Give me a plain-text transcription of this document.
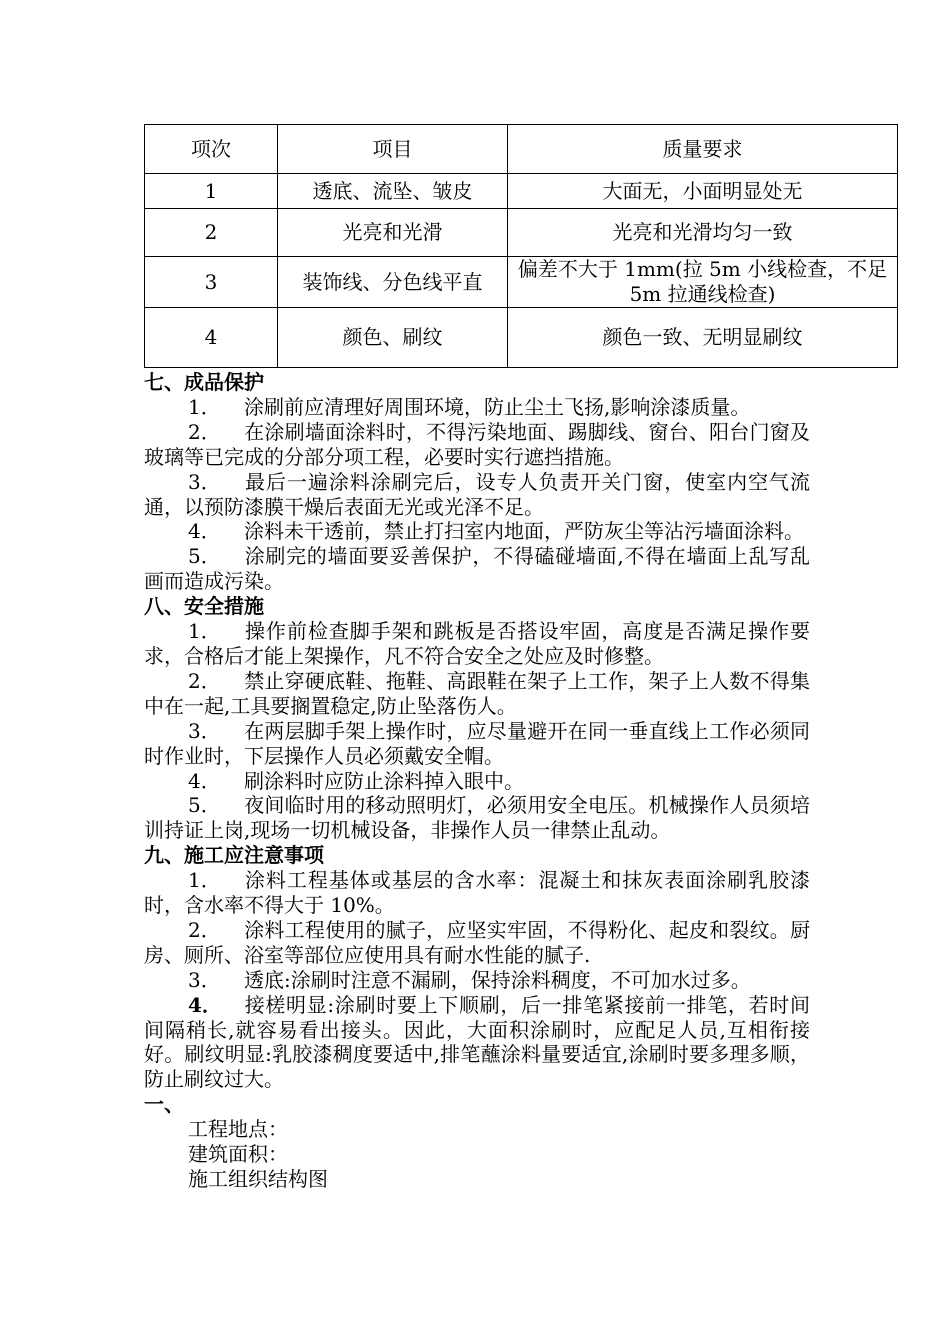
项次	项目	质量要求
1	透底、流坠、皱皮	大面无，小面明显处无
2	光亮和光滑	光亮和光滑均匀一致
3	装饰线、分色线平直	偏差不大于 1mm(拉 5m 小线检查，不足 5m 拉通线检查)
4	颜色、刷纹	颜色一致、无明显刷纹
七、成品保护

1． 涂刷前应清理好周围环境，防止尘土飞扬,影响涂漆质量。

2． 在涂刷墙面涂料时，不得污染地面、踢脚线、窗台、阳台门窗及玻璃等已完成的分部分项工程，必要时实行遮挡措施。

3． 最后一遍涂料涂刷完后，设专人负责开关门窗，使室内空气流通，以预防漆膜干燥后表面无光或光泽不足。

4． 涂料未干透前，禁止打扫室内地面，严防灰尘等沾污墙面涂料。

5． 涂刷完的墙面要妥善保护，不得磕碰墙面,不得在墙面上乱写乱画而造成污染。

八、安全措施

1． 操作前检查脚手架和跳板是否搭设牢固，高度是否满足操作要求，合格后才能上架操作，凡不符合安全之处应及时修整。

2． 禁止穿硬底鞋、拖鞋、高跟鞋在架子上工作，架子上人数不得集中在一起,工具要搁置稳定,防止坠落伤人。

3． 在两层脚手架上操作时，应尽量避开在同一垂直线上工作必须同时作业时，下层操作人员必须戴安全帽。

4． 刷涂料时应防止涂料掉入眼中。

5． 夜间临时用的移动照明灯，必须用安全电压。机械操作人员须培训持证上岗,现场一切机械设备，非操作人员一律禁止乱动。

九、施工应注意事项

1． 涂料工程基体或基层的含水率：混凝土和抹灰表面涂刷乳胶漆时，含水率不得大于 10%。

2． 涂料工程使用的腻子，应坚实牢固，不得粉化、起皮和裂纹。厨房、厕所、浴室等部位应使用具有耐水性能的腻子.

3． 透底:涂刷时注意不漏刷，保持涂料稠度，不可加水过多。

4． 接槎明显:涂刷时要上下顺刷，后一排笔紧接前一排笔，若时间间隔稍长,就容易看出接头。因此，大面积涂刷时，应配足人员,互相衔接好。刷纹明显:乳胶漆稠度要适中,排笔蘸涂料量要适宜,涂刷时要多理多顺，防止刷纹过大。

一、

工程地点：

建筑面积：

施工组织结构图
